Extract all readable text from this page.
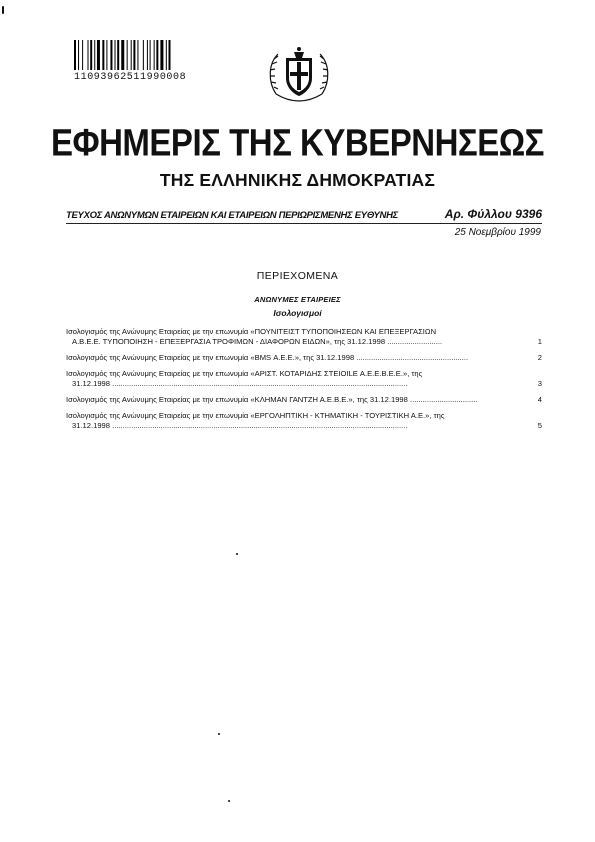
11093962511990008
ΕΦΗΜΕΡΙΣ ΤΗΣ ΚΥΒΕΡΝΗΣΕΩΣ
ΤΗΣ ΕΛΛΗΝΙΚΗΣ ΔΗΜΟΚΡΑΤΙΑΣ
ΤΕΥΧΟΣ ΑΝΩΝΥΜΩΝ ΕΤΑΙΡΕΙΩΝ ΚΑΙ ΕΤΑΙΡΕΙΩΝ ΠΕΡΙΩΡΙΣΜΕΝΗΣ ΕΥΘΥΝΗΣ	Αρ. Φύλλου 9396
25 Νοεμβρίου 1999
ΠΕΡΙΕΧΟΜΕΝΑ
ΑΝΩΝΥΜΕΣ ΕΤΑΙΡΕΙΕΣ
Ισολογισμοί
Ισολογισμός της Ανώνυμης Εταιρείας με την επωνυμία «ΠΟΥΝΙΤΕΙΣΤ ΤΥΠΟΠΟΙΗΣΕΩΝ ΚΑΙ ΕΠΕΞΕΡΓΑΣΙΩΝ
Α.Β.Ε.Ε. ΤΥΠΟΠΟΙΗΣΗ - ΕΠΕΞΕΡΓΑΣΙΑ ΤΡΟΦΙΜΩΝ - ΔΙΑΦΟΡΩΝ ΕΙΔΩΝ», της 31.12.1998 ..........................	1
Ισολογισμός της Ανώνυμης Εταιρείας με την επωνυμία «BMS Α.Ε.Ε.», της 31.12.1998 .....................................................	2
Ισολογισμός της Ανώνυμης Εταιρείας με την επωνυμία «ΑΡΙΣΤ. ΚΟΤΑΡΙΔΗΣ ΣΤΕΙΟΙLE Α.Ε.Ε.Β.Ε.Ε.», της
31.12.1998 ............................................................................................................................................	3
Ισολογισμός της Ανώνυμης Εταιρείας με την επωνυμία «ΚΛΗΜΑΝ ΓΑΝΤΖΗ Α.Ε.Β.Ε.», της 31.12.1998 ................................	4
Ισολογισμός της Ανώνυμης Εταιρείας με την επωνυμία «ΕΡΓΟΛΗΠΤΙΚΗ - ΚΤΗΜΑΤΙΚΗ - ΤΟΥΡΙΣΤΙΚΗ Α.Ε.», της
31.12.1998 ............................................................................................................................................	5
